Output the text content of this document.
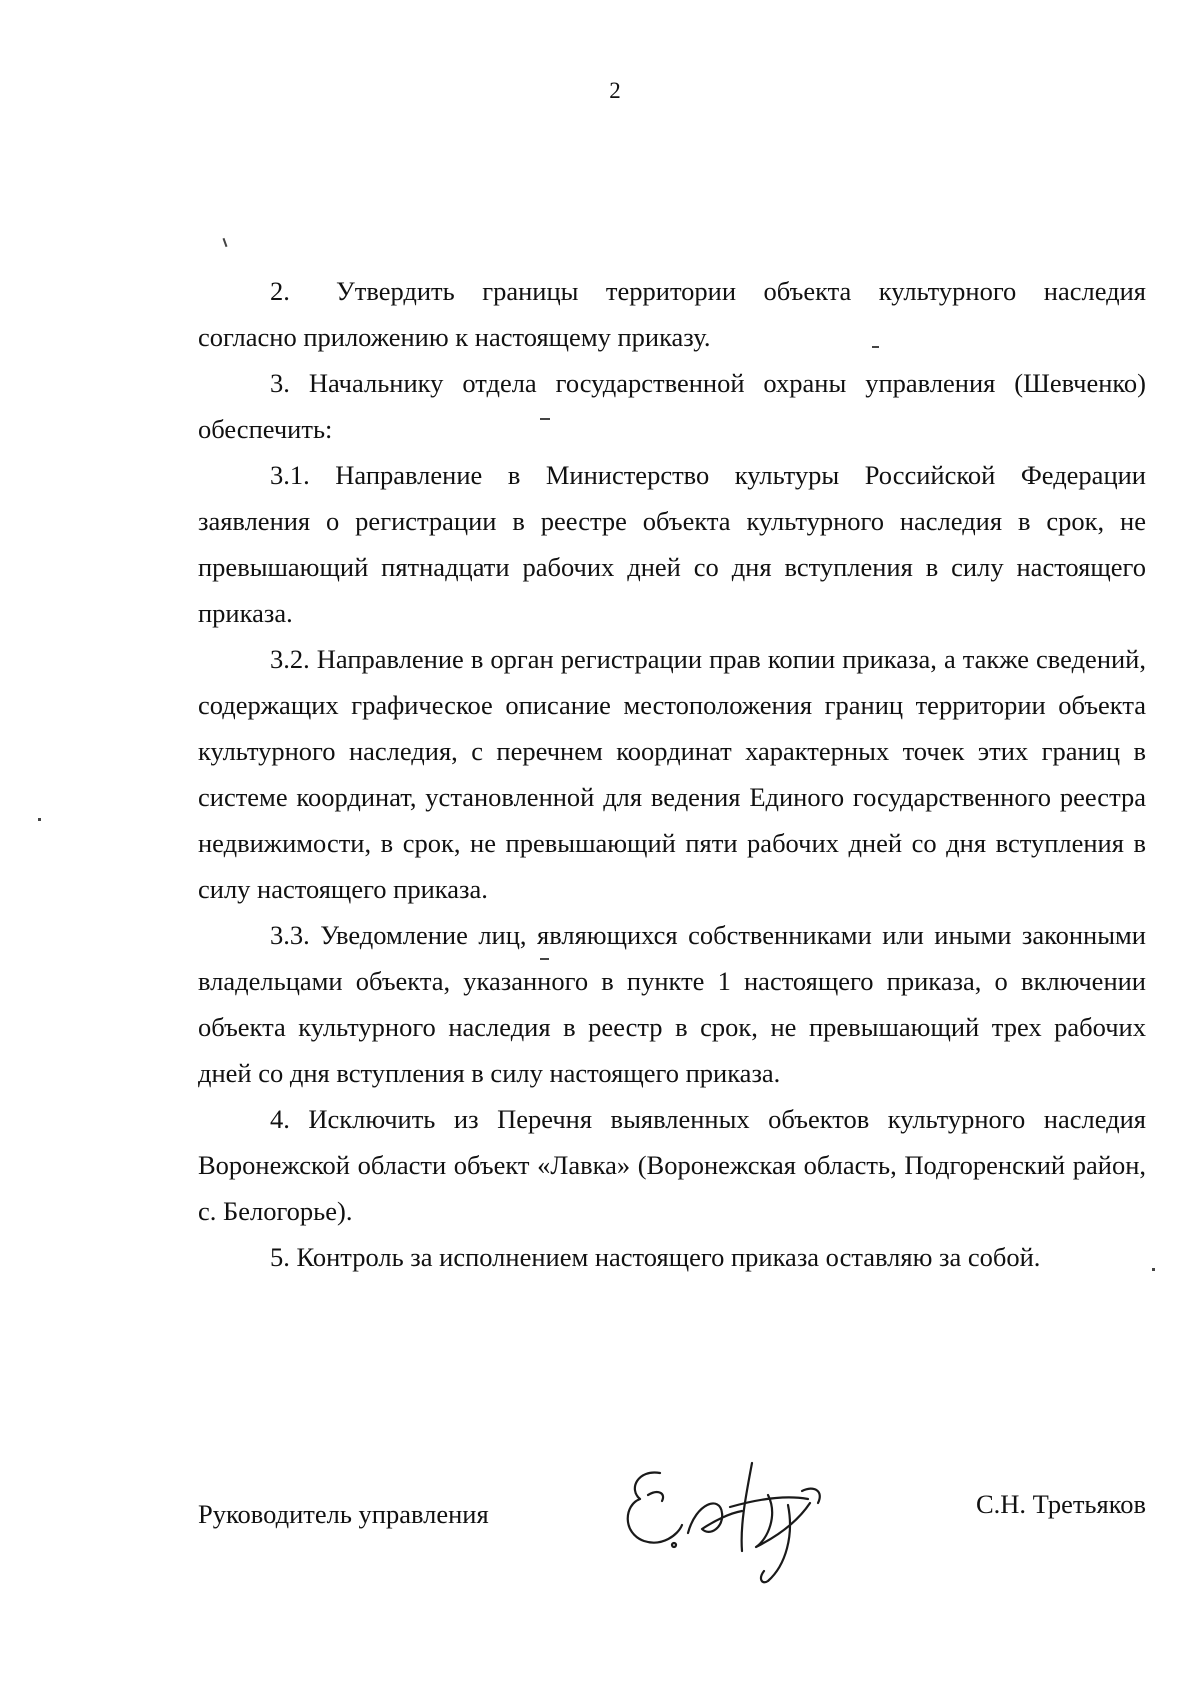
2

2. Утвердить границы территории объекта культурного наследия согласно приложению к настоящему приказу.

3. Начальнику отдела государственной охраны управления (Шевченко) обеспечить:

3.1. Направление в Министерство культуры Российской Федерации заявления о регистрации в реестре объекта культурного наследия в срок, не превышающий пятнадцати рабочих дней со дня вступления в силу настоящего приказа.

3.2. Направление в орган регистрации прав копии приказа, а также сведений, содержащих графическое описание местоположения границ территории объекта культурного наследия, с перечнем координат характерных точек этих границ в системе координат, установленной для ведения Единого государственного реестра недвижимости, в срок, не превышающий пяти рабочих дней со дня вступления в силу настоящего приказа.

3.3. Уведомление лиц, являющихся собственниками или иными законными владельцами объекта, указанного в пункте 1 настоящего приказа, о включении объекта культурного наследия в реестр в срок, не превышающий трех рабочих дней со дня вступления в силу настоящего приказа.

4. Исключить из Перечня выявленных объектов культурного наследия Воронежской области объект «Лавка» (Воронежская область, Подгоренский район, с. Белогорье).

5. Контроль за исполнением настоящего приказа оставляю за собой.

Руководитель управления	С.Н. Третьяков
